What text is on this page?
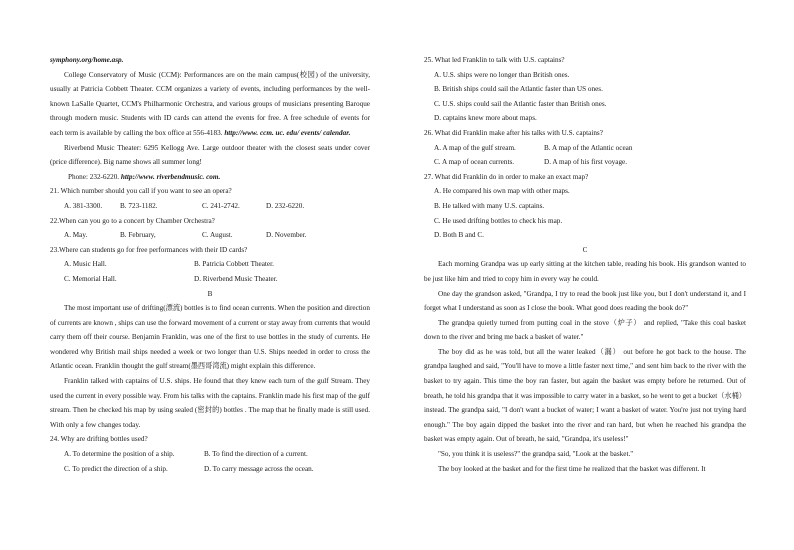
symphony.org/home.asp.

College Conservatory of Music (CCM): Performances are on the main campus(校园) of the university, usually at Patricia Cobbett Theater. CCM organizes a variety of events, including performances by the well-known LaSalle Quartet, CCM's Philharmonic Orchestra, and various groups of musicians presenting Baroque through modern music. Students with ID cards can attend the events for free. A free schedule of events for each term is available by calling the box office at 556-4183. http://www. ccm. uc. edu/ events/ calendar.

Riverbend Music Theater: 6295 Kellogg Ave. Large outdoor theater with the closest seats under cover (price difference). Big name shows all summer long!

Phone: 232-6220. http://www. riverbendmusic. com.

21. Which number should you call if you want to see an opera?

A. 381-3300.	B. 723-1182.	C. 241-2742.	D. 232-6220.

22.When can you go to a concert by Chamber Orchestra?

A. May.	B. February,	C. August.	D. November.

23.Where can students go for free performances with their ID cards?

A. Music Hall.	B. Patricia Cobbett Theater.
C. Memorial Hall.	D. Riverbend Music Theater.

B

The most important use of drifting(漂流) bottles is to find ocean currents. When the position and direction of currents are known , ships can use the forward movement of a current or stay away from currents that would carry them off their course. Benjamin Franklin, was one of the first to use bottles in the study of currents. He wondered why British mail ships needed a week or two longer than U.S. Ships needed in order to cross the Atlantic ocean. Franklin thought the gulf stream(墨西哥湾流) might explain this difference.

Franklin talked with captains of U.S. ships. He found that they knew each turn of the gulf Stream. They used the current in every possible way. From his talks with the captains. Franklin made his first map of the gulf stream. Then he checked his map by using sealed (密封的) bottles . The map that he finally made is still used. With only a few changes today.

24. Why are drifting bottles used?

A. To determine the position of a ship.	B. To find the direction of a current.
C. To predict the direction of a ship.	D. To carry message across the ocean.

25. What led Franklin to talk with U.S. captains?

A. U.S. ships were no longer than British ones.

B. British ships could sail the Atlantic faster than US ones.

C. U.S. ships could sail the Atlantic faster than British ones.

D. captains knew more about maps.

26. What did Franklin make after his talks with U.S. captains?

A. A map of the gulf stream.	B. A map of the Atlantic ocean
C. A map of ocean currents.	D. A map of his first voyage.

27. What did Franklin do in order to make an exact map?

A. He compared his own map with other maps.

B. He talked with many U.S. captains.

C. He used drifting bottles to check his map.

D. Both B and C.

C

Each morning Grandpa was up early sitting at the kitchen table, reading his book. His grandson wanted to be just like him and tried to copy him in every way he could.

One day the grandson asked, "Grandpa, I try to read the book just like you, but I don't understand it, and I forget what I understand as soon as I close the book. What good does reading the book do?"

The grandpa quietly turned from putting coal in the stove（炉子） and replied, "Take this coal basket down to the river and bring me back a basket of water."

The boy did as he was told, but all the water leaked（漏） out before he got back to the house. The grandpa laughed and said, "You'll have to move a little faster next time," and sent him back to the river with the basket to try again. This time the boy ran faster, but again the basket was empty before he returned. Out of breath, he told his grandpa that it was impossible to carry water in a basket, so he went to get a bucket（水桶） instead. The grandpa said, "I don't want a bucket of water; I want a basket of water. You're just not trying hard enough." The boy again dipped the basket into the river and ran hard, but when he reached his grandpa the basket was empty again. Out of breath, he said, "Grandpa, it's useless!"

"So, you think it is useless?" the grandpa said, "Look at the basket."

The boy looked at the basket and for the first time he realized that the basket was different. It
